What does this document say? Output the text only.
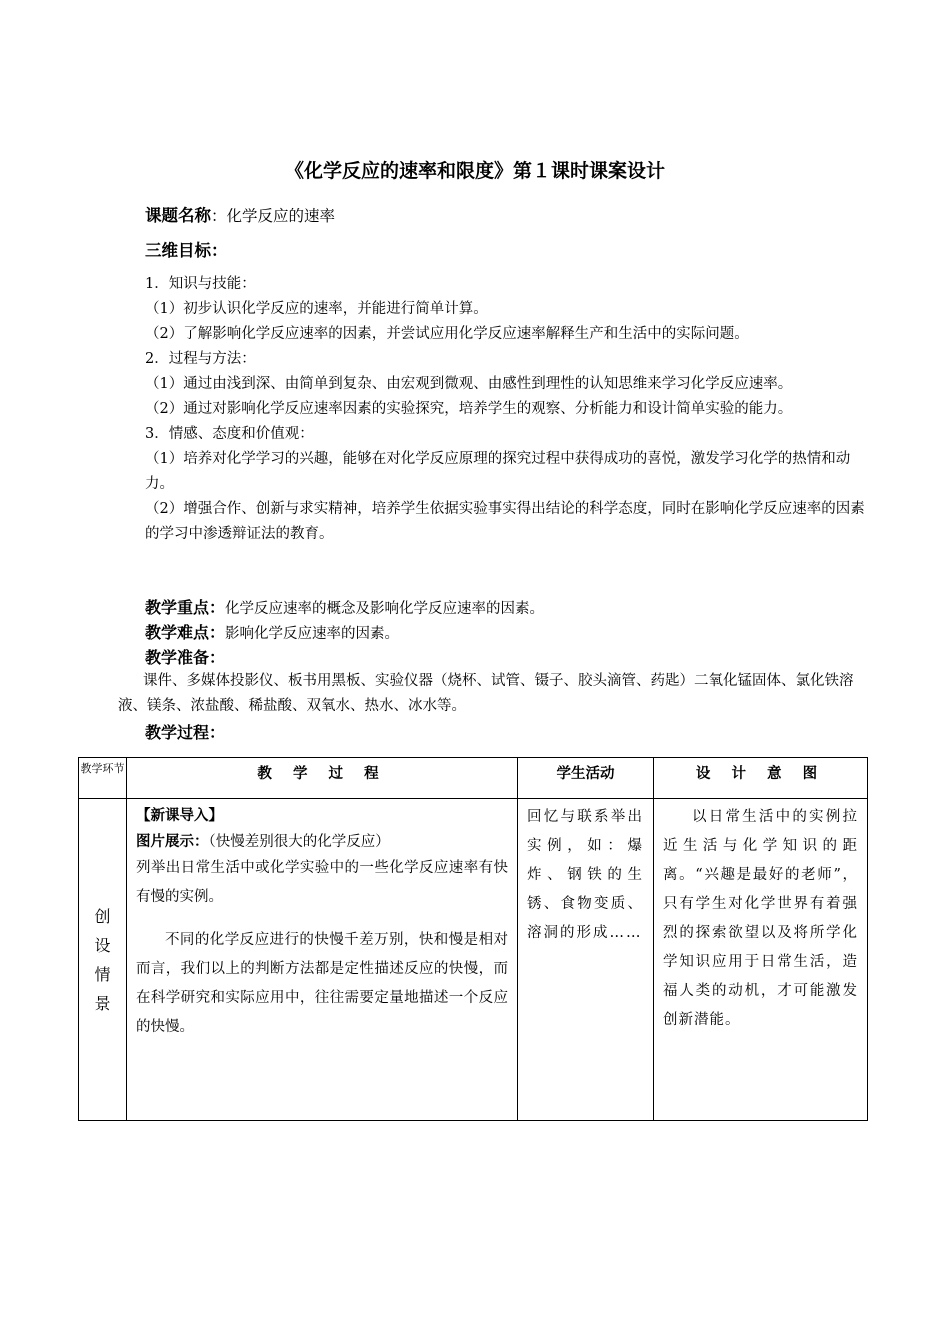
《化学反应的速率和限度》第１课时课案设计
课题名称：化学反应的速率
三维目标：

1．知识与技能：

（1）初步认识化学反应的速率，并能进行简单计算。

（2）了解影响化学反应速率的因素，并尝试应用化学反应速率解释生产和生活中的实际问题。

2．过程与方法：

（1）通过由浅到深、由简单到复杂、由宏观到微观、由感性到理性的认知思维来学习化学反应速率。

（2）通过对影响化学反应速率因素的实验探究，培养学生的观察、分析能力和设计简单实验的能力。

3．情感、态度和价值观：

（1）培养对化学学习的兴趣，能够在对化学反应原理的探究过程中获得成功的喜悦，激发学习化学的热情和动力。

（2）增强合作、创新与求实精神，培养学生依据实验事实得出结论的科学态度，同时在影响化学反应速率的因素的学习中渗透辩证法的教育。

教学重点：化学反应速率的概念及影响化学反应速率的因素。
教学难点：影响化学反应速率的因素。
教学准备：
课件、多媒体投影仪、板书用黑板、实验仪器（烧杯、试管、镊子、胶头滴管、药匙）二氧化锰固体、氯化铁溶液、镁条、浓盐酸、稀盐酸、双氧水、热水、冰水等。
教学过程：
教学环节	教 学 过 程	学生活动	设 计 意 图

创设情景	【新课导入】

图片展示：（快慢差别很大的化学反应）

列举出日常生活中或化学实验中的一些化学反应速率有快有慢的实例。

不同的化学反应进行的快慢千差万别，快和慢是相对而言，我们以上的判断方法都是定性描述反应的快慢，而在科学研究和实际应用中，往往需要定量地描述一个反应的快慢。	回忆与联系举出实例，如：爆炸、钢铁的生锈、食物变质、溶洞的形成……	以日常生活中的实例拉近生活与化学知识的距离。“兴趣是最好的老师”，只有学生对化学世界有着强烈的探索欲望以及将所学化学知识应用于日常生活，造福人类的动机，才可能激发创新潜能。
